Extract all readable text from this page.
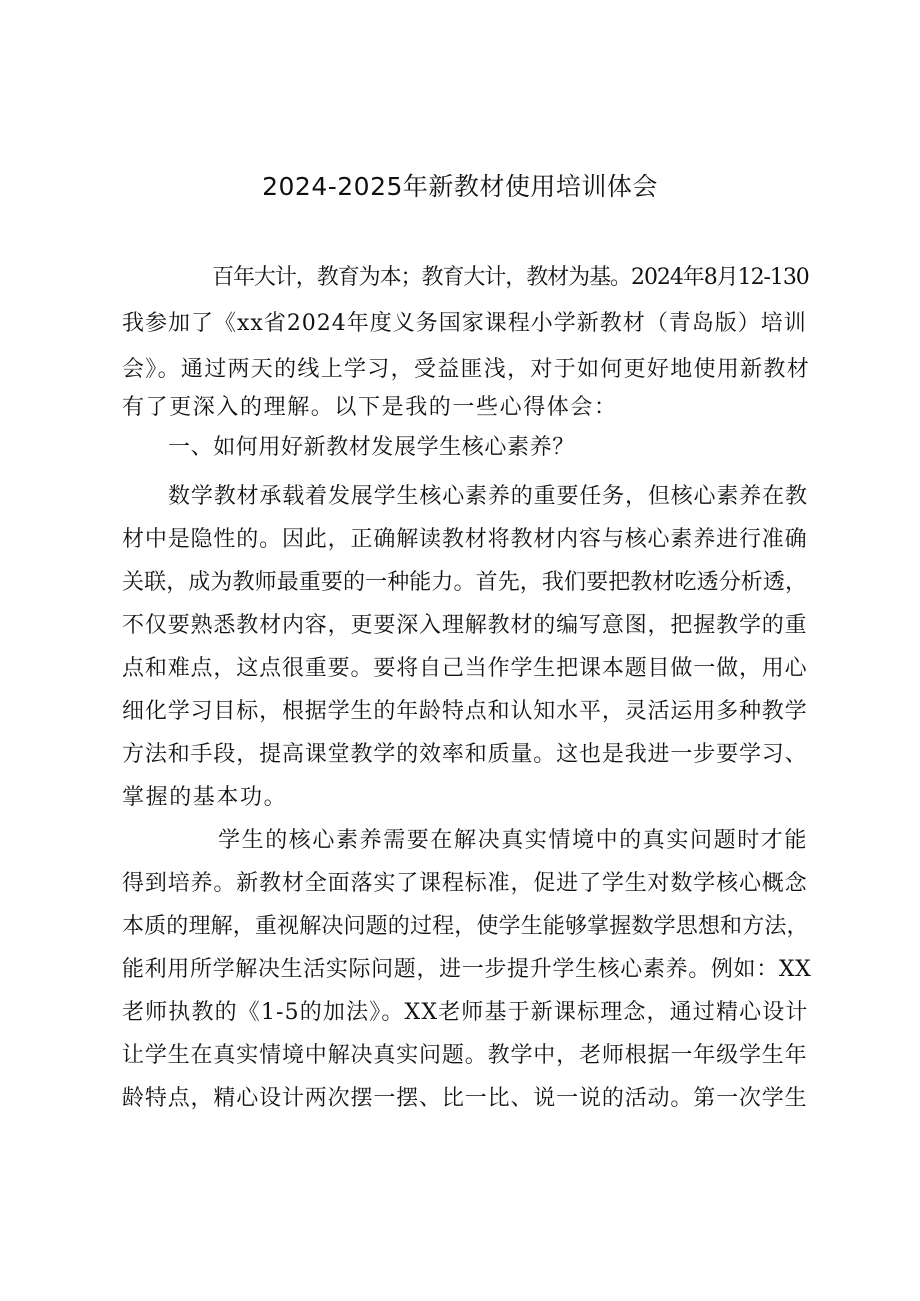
2024-2025年新教材使用培训体会
百年大计，教育为本；教育大计，教材为基。2024年8月12-130
我参加了《xx省2024年度义务国家课程小学新教材（青岛版）培训
会》。通过两天的线上学习，受益匪浅，对于如何更好地使用新教材
有了更深入的理解。以下是我的一些心得体会：
一、如何用好新教材发展学生核心素养？
数学教材承载着发展学生核心素养的重要任务，但核心素养在教
材中是隐性的。因此，正确解读教材将教材内容与核心素养进行准确
关联，成为教师最重要的一种能力。首先，我们要把教材吃透分析透，
不仅要熟悉教材内容，更要深入理解教材的编写意图，把握教学的重
点和难点，这点很重要。要将自己当作学生把课本题目做一做，用心
细化学习目标，根据学生的年龄特点和认知水平，灵活运用多种教学
方法和手段，提高课堂教学的效率和质量。这也是我进一步要学习、
掌握的基本功。
学生的核心素养需要在解决真实情境中的真实问题时才能
得到培养。新教材全面落实了课程标准，促进了学生对数学核心概念
本质的理解，重视解决问题的过程，使学生能够掌握数学思想和方法，
能利用所学解决生活实际问题，进一步提升学生核心素养。例如：XX
老师执教的《1-5的加法》。XX老师基于新课标理念，通过精心设计
让学生在真实情境中解决真实问题。教学中，老师根据一年级学生年
龄特点，精心设计两次摆一摆、比一比、说一说的活动。第一次学生
